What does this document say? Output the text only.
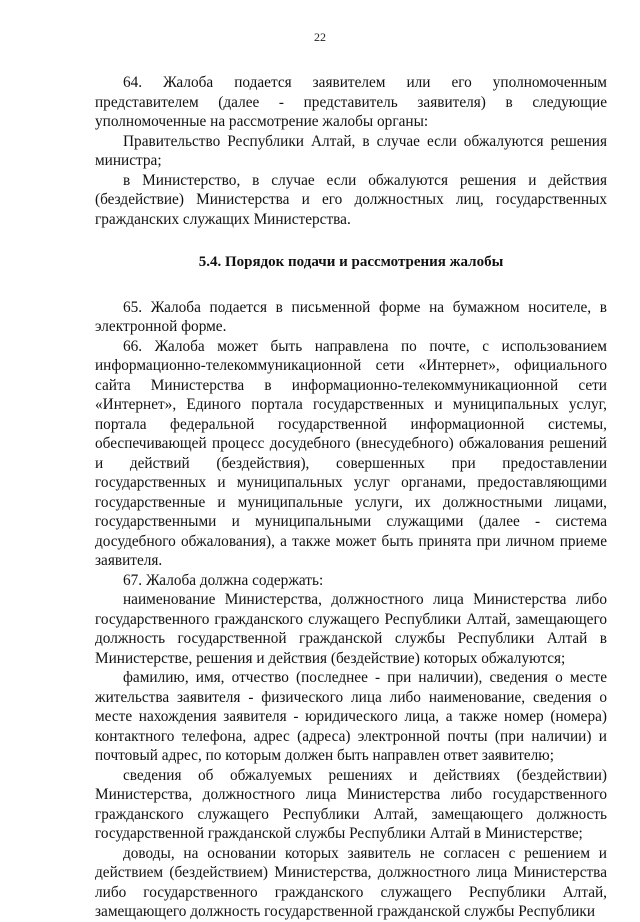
22

64. Жалоба подается заявителем или его уполномоченным представителем (далее - представитель заявителя) в следующие уполномоченные на рассмотрение жалобы органы:

Правительство Республики Алтай, в случае если обжалуются решения министра;

в Министерство, в случае если обжалуются решения и действия (бездействие) Министерства и его должностных лиц, государственных гражданских служащих Министерства.

5.4. Порядок подачи и рассмотрения жалобы

65. Жалоба подается в письменной форме на бумажном носителе, в электронной форме.

66. Жалоба может быть направлена по почте, с использованием информационно-телекоммуникационной сети «Интернет», официального сайта Министерства в информационно-телекоммуникационной сети «Интернет», Единого портала государственных и муниципальных услуг, портала федеральной государственной информационной системы, обеспечивающей процесс досудебного (внесудебного) обжалования решений и действий (бездействия), совершенных при предоставлении государственных и муниципальных услуг органами, предоставляющими государственные и муниципальные услуги, их должностными лицами, государственными и муниципальными служащими (далее - система досудебного обжалования), а также может быть принята при личном приеме заявителя.

67. Жалоба должна содержать:

наименование Министерства, должностного лица Министерства либо государственного гражданского служащего Республики Алтай, замещающего должность государственной гражданской службы Республики Алтай в Министерстве, решения и действия (бездействие) которых обжалуются;

фамилию, имя, отчество (последнее - при наличии), сведения о месте жительства заявителя - физического лица либо наименование, сведения о месте нахождения заявителя - юридического лица, а также номер (номера) контактного телефона, адрес (адреса) электронной почты (при наличии) и почтовый адрес, по которым должен быть направлен ответ заявителю;

сведения об обжалуемых решениях и действиях (бездействии) Министерства, должностного лица Министерства либо государственного гражданского служащего Республики Алтай, замещающего должность государственной гражданской службы Республики Алтай в Министерстве;

доводы, на основании которых заявитель не согласен с решением и действием (бездействием) Министерства, должностного лица Министерства либо государственного гражданского служащего Республики Алтай, замещающего должность государственной гражданской службы Республики
